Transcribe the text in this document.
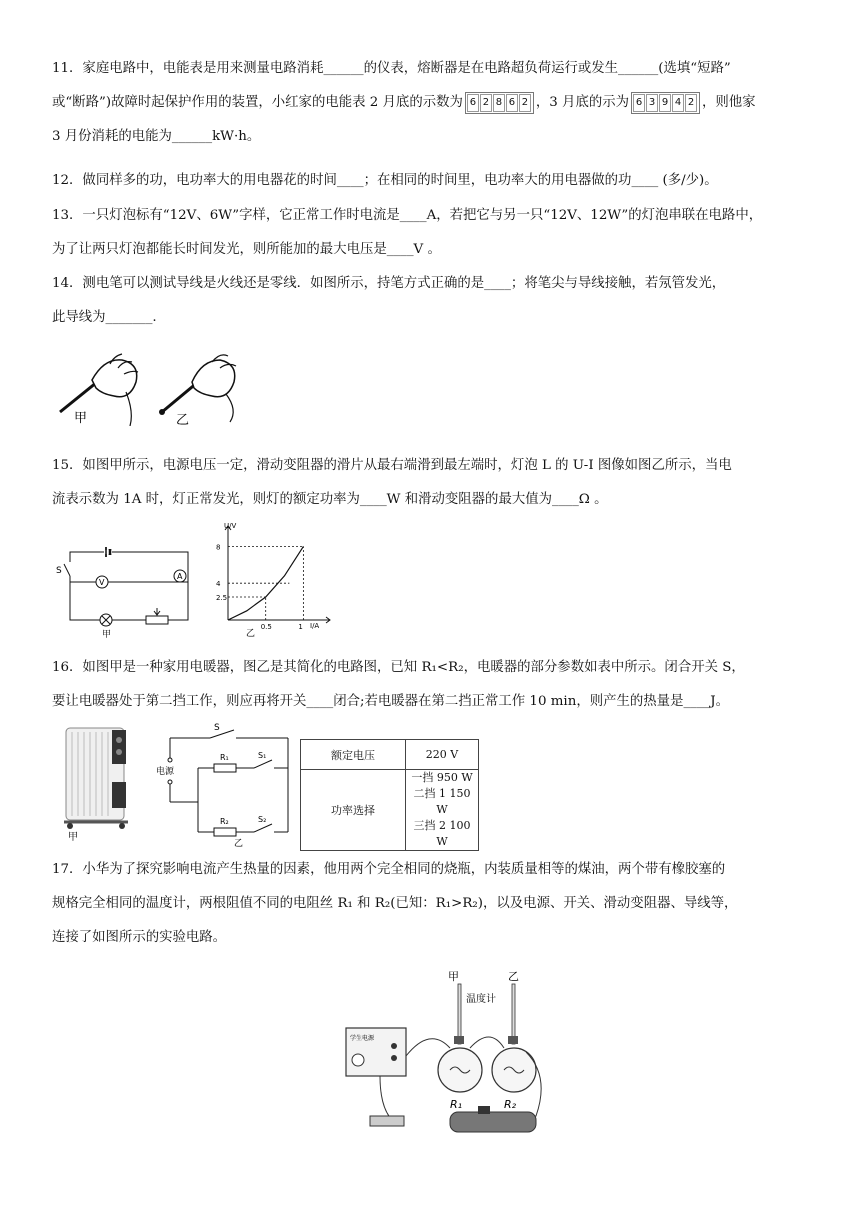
11．家庭电路中，电能表是用来测量电路消耗______的仪表，熔断器是在电路超负荷运行或发生______(选填“短路”

或“断路”)故障时起保护作用的装置，小红家的电能表 2 月底的示数为 6 2 8 6 2 ，3 月底的示为 6 3 9 4 2 ，则他家

3 月份消耗的电能为______kW·h。

12．做同样多的功，电功率大的用电器花的时间____；在相同的时间里，电功率大的用电器做的功____ (多/少)。

13．一只灯泡标有“12V、6W”字样，它正常工作时电流是____A，若把它与另一只“12V、12W”的灯泡串联在电路中，

为了让两只灯泡都能长时间发光，则所能加的最大电压是____V 。

14．测电笔可以测试导线是火线还是零线．如图所示，持笔方式正确的是____；将笔尖与导线接触，若氖管发光，

此导线为_______.

甲	乙

15．如图甲所示，电源电压一定，滑动变阻器的滑片从最右端滑到最左端时，灯泡 L 的 U-I 图像如图乙所示，当电

流表示数为 1A 时，灯正常发光，则灯的额定功率为____W 和滑动变阻器的最大值为____Ω 。

S
V
A
甲
U/V
I/A
乙
0.5	1
2.5
4
8

16．如图甲是一种家用电暖器，图乙是其简化的电路图，已知 R₁<R₂，电暖器的部分参数如表中所示。闭合开关 S，

要让电暖器处于第二挡工作，则应再将开关____闭合;若电暖器在第二挡正常工作 10 min，则产生的热量是____J。

甲
S
电源
R₁	S₁
R₂	S₂
乙
额定电压	220 V
功率选择	一挡 950 W
二挡 1 150 W
三挡 2 100 W

17．小华为了探究影响电流产生热量的因素，他用两个完全相同的烧瓶，内装质量相等的煤油，两个带有橡胶塞的

规格完全相同的温度计，两根阻值不同的电阻丝 R₁ 和 R₂(已知：R₁>R₂)，以及电源、开关、滑动变阻器、导线等，

连接了如图所示的实验电路。

甲	乙
温度计
R₁	R₂
学生电源
